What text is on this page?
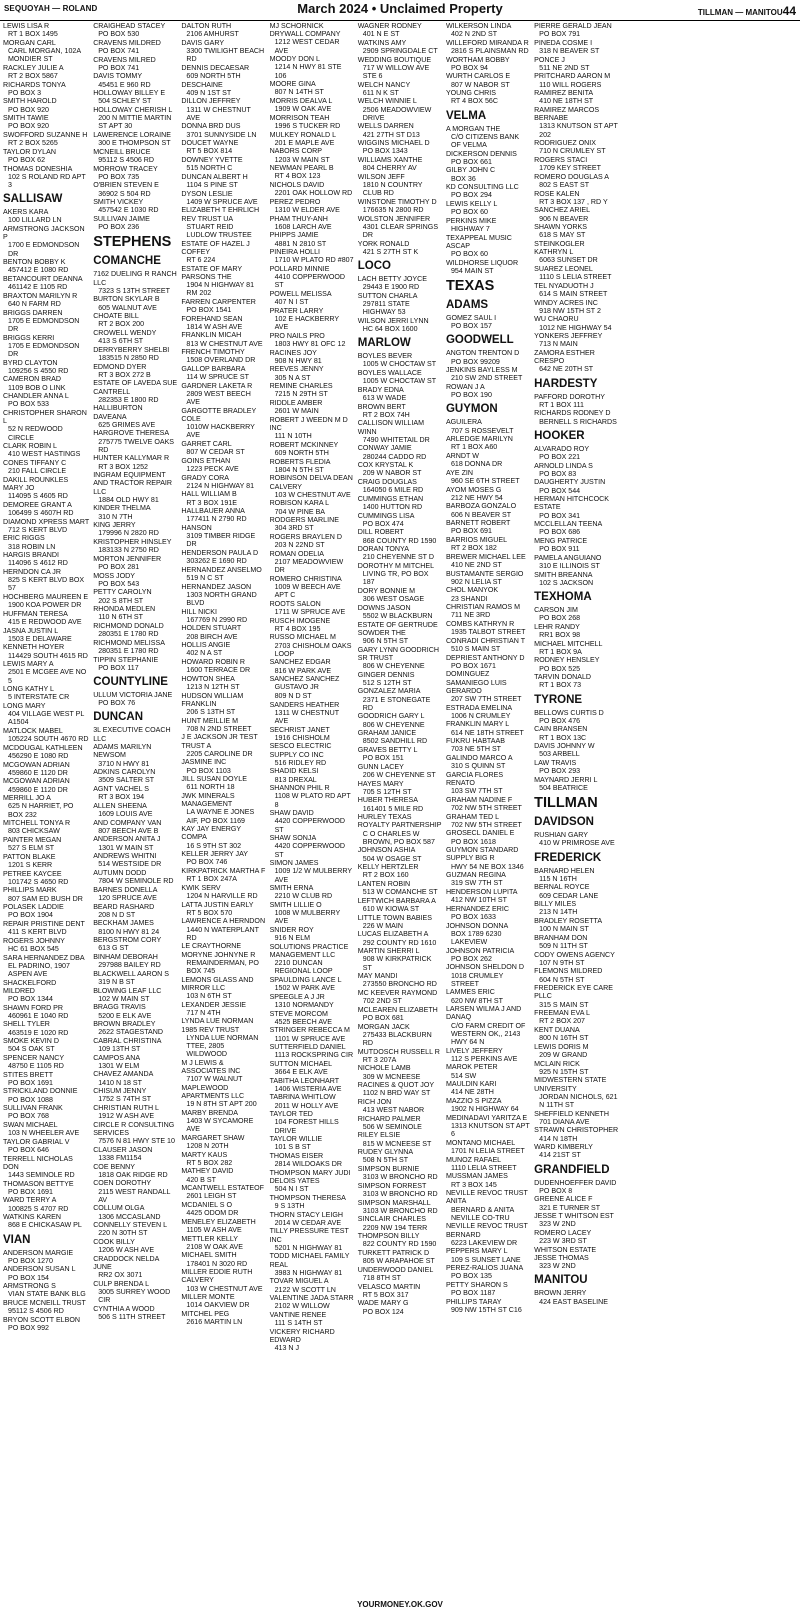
SEQUOYAH — ROLAND	March 2024 • Unclaimed Property	TILLMAN — MANITOU44
LEWIS LISA R
RT 1 BOX 1495
MORGAN CARL
CARL MORGAN, 102A MONDIER ST
RACKLEY JULIE A
RT 2 BOX 5867
RICHARDS TONYA
PO BOX 3
SMITH HAROLD
PO BOX 920
SMITH TAWIE
PO BOX 920
SWOFFORD SUZANNE H
RT 2 BOX 5265
TAYLOR DYLAN
PO BOX 62
THOMAS DONESHIA
102 S ROLAND RD APT 3
SALLISAW
AKERS KARA
100 LILLARD LN
ARMSTRONG JACKSON P
1700 E EDMONDSON DR
BENTON BOBBY K
457412 E 1080 RD
BETANCOURT DEANNA
461142 E 1105 RD
BRAXTON MARILYN R
640 N FARM RD
BRIGGS DARREN
1705 E EDMONDSON DR
BRIGGS KERRI
1705 E EDMONDSON DR
BYRD CLAYTON
109256 S 4550 RD
CAMERON BRAD
1109 BOB O LINK
CHANDLER ANNA L
PO BOX 533
CHRISTOPHER SHARON L
52 N REDWOOD CIRCLE
CLARK ROBIN L
410 WEST HASTINGS
CONES TIFFANY C
210 FALL CIRCLE
DAKILL ROUNKLES MARY JO
114095 S 4605 RD
DEMOREE GRANT A
106499 S 4607H RD
DIAMOND XPRESS MART
712 S KERT BLVD
ERIC RIGGS
318 ROBIN LN
HARGIS BRANDI
114096 S 4612 RD
HERNDON CA JR
825 S KERT BLVD BOX 57
HOCHBERG MAUREEN E
1900 KOA POWER DR
HUFFMAN TERESA
415 E REDWOOD AVE
JASNA JUSTIN L
1503 E DELAWARE
KENNETH HOYER
114429 SOUTH 4615 RD
LEWIS MARY A
2501 E MCGEE AVE NO 5
LONG KATHY L
5 INTERSTATE CR
LONG MARY
404 VILLAGE WEST PL A1504
MATLOCK MABEL
105224 SOUTH 4670 RD
MCDOUGAL KATHLEEN
456290 E 1080 RD
MCGOWAN ADRIAN
459860 E 1120 DR
MCGOWAN ADRIAN
459860 E 1120 DR
MERRILL JO A
625 N HARRIET, PO BOX 232
MITCHELL TONYA R
803 CHICKSAW
PAINTER MEGAN
527 S ELM ST
PATTON BLAKE
1201 S KERR
PETREE KAYCEE
101742 S 4650 RD
PHILLIPS MARK
807 SAM ED BUSH DR
POLASEK LADDIE
PO BOX 1904
REPAIR PRISTINE DENT
411 S KERT BLVD
ROGERS JOHNNY
HC 61 BOX 545
SARA HERNANDEZ DBA
EL PADRINO, 1907 ASPEN AVE
SHACKELFORD MILDRED
PO BOX 1344
SHAWN FORD PR
460961 E 1040 RD
SHELL TYLER
463519 E 1020 RD
SMOKE KEVIN D
504 S OAK ST
SPENCER NANCY
48750 E 1105 RD
STITES BRETT
PO BOX 1691
STRICKLAND DONNIE
PO BOX 1088
SULLIVAN FRANK
PO BOX 768
SWAN MICHAEL
103 N WHEELER AVE
TAYLOR GABRIAL V
PO BOX 646
TERRELL NICHOLAS DON
1443 SEMINOLE RD
THOMASON BETTYE
PO BOX 1691
WARD TERRY A
100825 S 4707 RD
WATKINS KAREN
868 E CHICKASAW PL
VIAN
ANDERSON MARGIE
PO BOX 1270
ANDERSON SUSAN L
PO BOX 154
ARMSTRONG S
VIAN STATE BANK BLG
BRUCE MCNEILL TRUST
95112 S 4506 RD
BRYON SCOTT ELBON
PO BOX 992
CRAIGHEAD STACEY
PO BOX 530
CRAVENS MILDRED
PO BOX 741
CRAVENS MILRED
PO BOX 741
DAVIS TOMMY
45451 E 960 RD
HOLLOWAY BILLEY E
504 SCHLEY ST
HOLLOWAY CHERISH L
200 N MITTIE MARTIN ST APT 30
LAWERENCE LORAINE
300 E THOMPSON ST
MCNEILL BRUCE
95112 S 4506 RD
MORROW TRACEY
PO BOX 735
O'BRIEN STEVEN E
36902 S 504 RD
SMITH VICKEY
457542 E 1030 RD
SULLIVAN JAIME
PO BOX 236
STEPHENS
COMANCHE
7162 DUELING R RANCH LLC
7323 S 13TH STREET
BURTON SKYLAR B
605 WALNUT AVE
CHOATE BILL
RT 2 BOX 200
CROWELL WENDY
413 S 6TH ST
DERRYBERRY SHELBI
183515 N 2850 RD
EDMOND DYER
RT 3 BOX 272 B
ESTATE OF LAVEDA SUE CANTRELL
282353 E 1800 RD
HALLIBURTON DAVEANA
625 GRIMES AVE
HARGROVE THERESA
275775 TWELVE OAKS RD
HUNTER KALLYMAR R
RT 3 BOX 1252
INGRAM EQUIPMENT AND TRACTOR REPAIR LLC
1884 OLD HWY 81
KINDER THELMA
310 N 7TH
KING JERRY
179996 N 2820 RD
KRISTOPHER HINSLEY
183133 N 2750 RD
MORTON JENNIFER
PO BOX 281
MOSS JODY
PO BOX 543
PETTY CAROLYN
202 S 8TH ST
RHONDA MEDLEN
110 N 6TH ST
RICHMOND DONALD
280351 E 1780 RD
RICHMOND MELISSA
280351 E 1780 RD
TIPPIN STEPHANIE
PO BOX 117
COUNTYLINE
ULLUM VICTORIA JANE
PO BOX 76
DUNCAN
3L EXECUTIVE COACH LLC
ADAMS MARILYN NEWSOM
3710 N HWY 81
ADKINS CAROLYN
3509 SALTER ST
AGNT VACHEL S
RT 3 BOX 194
ALLEN SHEENA
1609 LOUIS AVE
AND COMPANY VAN
807 BEECH AVE B
ANDERSON ANITA J
1301 W MAIN ST
ANDREWS WHITNI
514 WESTSIDE DR
AUTUMN DODD
7804 W SEMINOLE RD
BARNES DONELLA
120 SPRUCE AVE
BEARD RASHARD
208 N D ST
BECKHAM JAMES
8100 N HWY 81 24
BERGSTROM CORY
613 G ST
BINHAM DEBORAH
297988 BAILEY RD
BLACKWELL AARON S
319 N B ST
BLOWING LEAF LLC
102 W MAIN ST
BRAGG TRAVIS
5200 E ELK AVE
BROWN BRADLEY
2622 STAGESTAND
CABRAL CHRISTINA
109 13TH ST
CAMPOS ANA
1301 W ELM
CHAVEZ AMANDA
1410 N 18 ST
CHISUM JENNY
1752 S 74TH ST
CHRISTIAN RUTH L
1912 W ASH AVE
CIRCLE R CONSULTING SERVICES
7576 N 81 HWY STE 10
CLAUSER JASON
1338 FM1154
COE BENNY
1818 OAK RIDGE RD
COEN DOROTHY
2115 WEST RANDALL AV
COLLUM OLGA
1306 MCCASLAND
CONNELLY STEVEN L
220 N 30TH ST
COOK BILLY
1206 W ASH AVE
CRADDOCK NELDA JUNE
RR2 OX 3071
CULP BRENDA L
3005 SURREY WOOD CIR
CYNTHIA A WOOD
506 S 11TH STREET
DALTON RUTH
2106 AMHURST
DAVIS GARY
3300 TWILIGHT BEACH RD
DENNIS DECAESAR
609 NORTH 5TH
DESCHAINE
409 N 1ST ST
DILLON JEFFREY
1311 W CHESTNUT AVE
DONNA BRD DUS
3701 SUNNYSIDE LN
DOUCET WAYNE
RT 5 BOX 814
DOWNEY YVETTE
515 NORTH C
DUNCAN ALBERT H
1104 S PINE ST
DYSON LESLIE
1409 W SPRUCE AVE
ELIZABETH T EHRLICH REV TRUST UA
STUART REID LUDLOW TRUSTEE
ESTATE OF HAZEL J COFFEY
RT 6 224
ESTATE OF MARY PARSONS THE
1904 N HIGHWAY 81 RM 202
FARREN CARPENTER
PO BOX 1541
FOREHAND SEAN
1814 W ASH AVE
FRANKLIN MICAH
813 W CHESTNUT AVE
FRENCH TIMOTHY
1508 OVERLAND DR
GALLOP BARBARA
114 W SPRUCE ST
GARDNER LAKETA R
2809 WEST BEECH AVE
GARGOTTE BRADLEY COLE
1010W HACKBERRY AVE
GARRET CARL
807 W CEDAR ST
GOINS ETHAN
1223 PECK AVE
GRADY CORA
2124 N HIGHWAY 81
HALL WILLIAM B
RT 3 BOX 191E
HALLBAUER ANNA
177411 N 2790 RD
HANSON
3109 TIMBER RIDGE DR
HENDERSON PAULA D
303262 E 1690 RD
HERNANDEZ ANSELMO
519 N C ST
HERNANDEZ JASON
1303 NORTH GRAND BLVD
HILL NICKI
167769 N 2990 RD
HOLDEN STUART
208 BIRCH AVE
HOLLIS ANGIE
402 N A ST
HOWARD ROBIN R
1600 TERRACE DR
HOWTON SHEA
1213 N 12TH ST
HUDSON WILLIAM FRANKLIN
206 S 13TH ST
HUNT MEILLIE M
708 N 2ND STREET
J E JACKSON JR TEST TRUST A
2205 CAROLINE DR
JASMINE INC
PO BOX 1103
JILL SUSAN DOYLE
611 NORTH 18
JWK MINERALS MANAGEMENT
LA WAYNE E JONES AIF, PO BOX 1169
KAY JAY ENERGY COMPA
16 S 9TH ST 302
KELLER JERRY JAY
PO BOX 746
KIRKPATRICK MARTHA F
RT 1 BOX 247A
KWIK SERV
1204 N HARVILLE RD
LATTA JUSTIN EARLY
RT 5 BOX 570
LAWRENCE A HERNDON
1440 N WATERPLANT RD
LE CRAYTHORNE MORYNE JOHNYNE R
REMAINDERMAN, PO BOX 745
LEMONS GLASS AND MIRROR LLC
103 N 6TH ST
LEXANDER JESSIE
717 N 4TH
LYNDA LUE NORMAN 1985 REV TRUST
LYNDA LUE NORMAN TTEE, 2805 WILDWOOD
M J LEWIS & ASSOCIATES INC
7107 W WALNUT
MAPLEWOOD APARTMENTS LLC
19 N 8TH ST APT 200
MARBY BRENDA
1403 W SYCAMORE AVE
MARGARET SHAW
1208 N 20TH
MARTY KAUS
RT 5 BOX 282
MATHEY DAVID
420 B ST
MCANTWELL ESTATEOF
2601 LEIGH ST
MCDANIEL S O
4425 ODOM DR
MENELEY ELIZABETH
1105 W ASH AVE
METTLER KELLY
2108 W OAK AVE
MICHAEL SMITH
178401 N 3020 RD
MILLER EDDIE RUTH CALVERY
103 W CHESTNUT AVE
MILLER MONTE
1014 OAKVIEW DR
MITCHEL PEG
2616 MARTIN LN
MJ SCHORNICK DRYWALL COMPANY
1212 WEST CEDAR AVE
MOODY DON L
1214 N HWY 81 STE 106
MOORE GINA
807 N 14TH ST
MORRIS DEALVA L
1909 W OAK AVE
MORRISON TEAH
1996 S TUCKER RD
MULKEY RONALD L
201 E MAPLE AVE
NABORS CORP
1203 W MAIN ST
NEWMAN PEARL B
RT 4 BOX 123
NICHOLS DAVID
2201 OAK HOLLOW RD
PEREZ PEDRO
1310 W ELDER AVE
PHAM THUY-ANH
1608 LARCH AVE
PHIPPS JAMIE
4881 N 2810 ST
PINEIRA HOLLI
1710 W PLATO RD #807
POLLARD MINNIE
4410 COPPERWOOD ST
POWELL MELISSA
407 N I ST
PRATER LARRY
102 E HACKBERRY AVE
PRO NAILS PRO
1803 HWY 81 OFC 12
RACINES JOY
908 N HWY 81
REEVES JENNY
305 N A ST
REMINE CHARLES
7215 N 29TH ST
RIDDLE AMBER
2601 W MAIN
ROBERT J WEEDN M D INC
111 N 10TH
ROBERT MCKINNEY
609 NORTH 5TH
ROBERTS FLEDIA
1804 N 5TH ST
ROBINSON DELVA DEAN CALVERY
103 W CHESTNUT AVE
ROBISON KARA L
704 W PINE BA
RODGERS MARLINE
304 3RD ST
ROGERS BRAYLEN D
203 N 22ND ST
ROMAN ODELIA
2107 MEADOWVIEW DR
ROMERO CHRISTINA
1009 W BEECH AVE APT C
ROOTS SALON
1711 W SPRUCE AVE
RUSCH IMOGENE
RT 4 BOX 195
RUSSO MICHAEL M
2703 CHISHOLM OAKS LOOP
SANCHEZ EDGAR
816 W PARK AVE
SANCHEZ SANCHEZ
GUSTAVO JR
809 N D ST
SANDERS HEATHER
1311 W CHESTNUT AVE
SECHRIST JANET
1916 CHISHOLM
SESCO ELECTRIC SUPPLY CO INC
516 RIDLEY RD
SHADID KELSI
813 DREXAL
SHANNON PHIL R
1108 W PLATO RD APT 8
SHAW DAVID
4420 COPPERWOOD ST
SHAW SONJA
4420 COPPERWOOD ST
SIMON JAMES
1009 1/2 W MULBERRY AVE
SMITH ERNA
2210 W CLUB RD
SMITH LILLIE O
1008 W MULBERRY AVE
SNIDER ROY
916 N ELM
SOLUTIONS PRACTICE MANAGEMENT LLC
2210 DUNCAN REGIONAL LOOP
SPAULDING LANCE L
1502 W PARK AVE
SPEEGLE A J JR
1310 NORMANDY
STEVE MORCOM
4525 BEECH AVE
STRINGER REBECCA M
1101 W SPRUCE AVE
SUTTERFIELD DANIEL
1113 ROCKSPRING CIR
SUTTON MICHAEL
3664 E ELK AVE
TABITHA LEONHART
1406 WISTERIA AVE
TABRINA WHITLOW
2011 W HOLLY AVE
TAYLOR TED
104 FOREST HILLS DRIVE
TAYLOR WILLIE
101 S B ST
THOMAS EISER
2814 WILDOAKS DR
THOMPSON MARY JUDI DELOIS YATES
504 N I ST
THOMPSON THERESA
9 S 13TH
THORN STACY LEIGH
2014 W CEDAR AVE
TILLY PRESSURE TEST INC
5201 N HIGHWAY 81
TODD MICHAEL FAMILY REAL
3983 N HIGHWAY 81
TOVAR MIGUEL A
2122 W SCOTT LN
VALENTINE JADA STARR
2102 W WILLOW
VANTINE RENEE
111 S 14TH ST
VICKERY RICHARD EDWARD
413 N J
WAGNER RODNEY
401 N E ST
WATKINS AMY
2909 SPRINGDALE CT
WEDDING BOUTIQUE
717 W WILLOW AVE STE 6
WELCH NANCY
611 N K ST
WELCH WINNIE L
2506 MEADOWVIEW DRIVE
WELLS DARREN
421 27TH ST D13
WIGGINS MICHAEL D
PO BOX 1343
WILLIAMS XANTHE
804 CHERRY AV
WILSON JEFF
1810 N COUNTRY CLUB RD
WINSTONE TIMOTHY D
176635 N 2800 RD
WOLSTON JENNIFER
4301 CLEAR SPRINGS DR
YORK RONALD
421 S 27TH ST K
LOCO
LACH BETTY JOYCE
29443 E 1900 RD
SUTTON CHARLA
297811 STATE HIGHWAY 53
WILSON JERRI LYNN
HC 64 BOX 1600
MARLOW
BOYLES BEVER
1005 W CHOCTAW ST
BOYLES WALLACE
1005 W CHOCTAW ST
BRADY EDNA
613 W WADE
BROWN BERT
RT 2 BOX 74H
CALLISON WILLIAM WINN
7490 WHITETAIL DR
CONWAY JAMIE
280244 CADDO RD
COX KRYSTAL K
209 W NABOR ST
CRAIG DOUGLAS
164050 6 MILE RD
CUMMINGS ETHAN
1400 HUTTON RD
CUMMINGS LISA
PO BOX 474
DILL ROBERT
868 COUNTY RD 1590
DORAN TONYA
210 CHEYENNE ST D
DOROTHY M MITCHEL
LIVING TR, PO BOX 187
DORY BONNIE M
306 WEST OSAGE
DOWNS JASON
5502 W BLACKBURN
ESTATE OF GERTRUDE SOWDER THE
906 N 5TH ST
GARY LYNN GOODRICH SR TRUST
806 W CHEYENNE
GINGER DENNIS
512 S 12TH ST
GONZALEZ MARIA
2371 E STONEGATE RD
GOODRICH GARY L
806 W CHEYENNE
GRAHAM JANICE
8502 SANDHILL RD
GRAVES BETTY L
PO BOX 151
GUNN LACEY
206 W CHEYENNE ST
HAYES MARY
705 S 12TH ST
HUBER THERESA
161401 5 MILE RD
HURLEY TEXAS ROYALTY PARTNERSHIP
C O CHARLES W BROWN, PO BOX 587
JOHNSON ASHIA
504 W OSAGE ST
KELLY HERTZLER
RT 2 BOX 160
LANTEN ROBIN
513 W COMANCHE ST
LEFTWICH BARBARA A
610 W KIOWA ST
LITTLE TOWN BABIES
226 W MAIN
LUCAS ELIZABETH A
292 COUNTY RD 1610
MARTIN SHERRI L
908 W KIRKPATRICK ST
MAY MANDI
273550 BRONCHO RD
MC KEEVER RAYMOND
702 2ND ST
MCLEAREN ELIZABETH
PO BOX 681
MORGAN JACK
275433 BLACKBURN RD
MUTDOSCH RUSSELL R
RT 3 207A
NICHOLE LAMB
309 W MCNEESE
RACINES & QUOT JOY
1102 N BRD WAY ST
RICH JON
413 WEST NABOR
RICHARD PALMER
506 W SEMINOLE
RILEY ELSIE
815 W MCNEESE ST
RUDEY GLYNNA
508 N 5TH ST
SIMPSON BURNIE
3103 W BRONCHO RD
SIMPSON FORREST
3103 W BRONCHO RD
SIMPSON MARSHALL
3103 W BRONCHO RD
SINCLAIR CHARLES
2209 NW 194 TERR
THOMPSON BILLY
822 COUNTY RD 1590
TURKETT PATRICK D
805 W ARAPAHOE ST
UNDERWOOD DANIEL
718 8TH ST
VELASCO MARTIN
RT 5 BOX 317
WADE MARY G
PO BOX 124
WILKERSON LINDA
402 N 2ND ST
WILLEFORD MIRANDA R
2816 S PLAINSMAN RD
WORTHAM BOBBY
PO BOX 94
WURTH CARLOS E
807 W NABOR ST
YOUNG CHRIS
RT 4 BOX 56C
VELMA
A MORGAN THE
C/O CITIZENS BANK OF VELMA
DICKERSON DENNIS
PO BOX 661
GILBY JOHN C
BOX 36
KD CONSULTING LLC
PO BOX 294
LEWIS KELLY L
PO BOX 60
PERKINS MIKE
HIGHWAY 7
TEXAPPEAL MUSIC ASCAP
PO BOX 60
WILDHORSE LIQUOR
954 MAIN ST
TEXAS
ADAMS
GOMEZ SAUL I
PO BOX 157
GOODWELL
ANGTON TRENTON D
PO BOX 99209
JENKINS BAYLESS M
210 SW 2ND STREET
ROWAN J A
PO BOX 190
GUYMON
AGUILERA
707 S ROSSEVELT
ARLEDGE MARILYN
RT 1 BOX A60
ARNDT W
618 DONNA DR
AYE ZIN
960 SE 6TH STREET
AYOM MOSES G
212 NE HWY 54
BARBOZA GONZALO
606 N BEAVER ST
BARNETT ROBERT
PO BOX 691
BARRIOS MIGUEL
RT 2 BOX 182
BREWER MICHAEL LEE
410 NE 2ND ST
BUSTAMANTE SERGIO
902 N LELIA ST
CHOL MANYOK
23 SHANDI
CHRISTIAN RAMOS M
711 NE 3RD
COMBS KATHRYN R
1935 TALBOT STREET
CONRADI CHRISTIAN T
510 S MAIN ST
DEPRIEST ANTHONY D
PO BOX 1671
DOMINGUEZ SAMANIEGO LUIS GERARDO
207 SW 7TH STREET
ESTRADA EMELINA
1006 N CRUMLEY
FRANKLIN MARY L
614 NE 18TH STREET
FUKRU HABTAAB
703 NE 5TH ST
GALINDO MARCO A
310 S QUINN ST
GARCIA FLORES RENATO
103 SW 7TH ST
GRAHAM NADINE F
702 NW 5TH STREET
GRAHAM TED L
702 NW 5TH STREET
GROSECL DANIEL E
PO BOX 1618
GUYMON STANDARD SUPPLY BIG R
HWY 54 NE BOX 1346
GUZMAN REGINA
319 SW 7TH ST
HENDERSON LUPITA
412 NW 10TH ST
HERNANDEZ ERIC
PO BOX 1633
JOHNSON DONNA
BOX 1789 6230 LAKEVIEW
JOHNSON PATRICIA
PO BOX 262
JOHNSON SHELDON D
1018 CRUMLEY STREET
LAMMES ERIC
620 NW 8TH ST
LARSEN WILMA J AND DANAQ
C/O FARM CREDIT OF WESTERN OK,, 2143 HWY 64 N
LIVELY JEFFERY
112 S PERKINS AVE
MAROK PETER
514 SW
MAULDIN KARI
414 NE 28TH
MAZZIO S PIZZA
1902 N HIGHWAY 64
MEDINADAVI YARITZA E
1313 KNUTSON ST APT 6
MONTANO MICHAEL
1701 N LELIA STREET
MUNOZ RAFAEL
1110 LELIA STREET
MUSSMAN JAMES
RT 3 BOX 145
NEVILLE REVOC TRUST ANITA
BERNARD & ANITA NEVILLE CO-TRU
NEVILLE REVOC TRUST BERNARD
6223 LAKEVIEW DR
PEPPERS MARY L
109 S SUNSET LANE
PEREZ-RALIOS JUANA
PO BOX 135
PETTY SHARON S
PO BOX 1187
PHILLIPS TARAY
909 NW 15TH ST C16
PIERRE GERALD JEAN
PO BOX 791
PINEDA COSME I
318 N BEAVER ST
PONCE J
511 NE 2ND ST
PRITCHARD AARON M
110 WILL ROGERS
RAMIREZ BENITA
410 NE 18TH ST
RAMIREZ MARCOS BERNABE
1313 KNUTSON ST APT 202
RODRIGUEZ ONIX
710 N CRUMLEY ST
ROGERS STACI
1709 KEY STREET
ROMERO DOUGLAS A
802 S EAST ST
ROSE KALEN
RT 3 BOX 137 , RD Y
SANCHEZ ARIEL
906 N BEAVER
SHAWN YORKS
618 S MAY ST
STEINKOGLER KATHRYN L
6063 SUNSET DR
SUAREZ LEONEL
1110 S LELIA STREET
TEL NYADUOTH J
614 S MAIN STREET
WINDY ACRES INC
918 NW 15TH ST 2
WU CHAORU
1012 NE HIGHWAY 54
YONKERS JEFFREY
713 N MAIN
ZAMORA ESTHER CRESPO
642 NE 20TH ST
HARDESTY
PAFFORD DOROTHY
RT 1 BOX 111
RICHARDS RODNEY D
BERNELL S RICHARDS
HOOKER
ALVARADO ROY
PO BOX 221
ARNOLD LINDA S
PO BOX 83
DAUGHERTY JUSTIN
PO BOX 544
HERMAN HITCHCOCK ESTATE
PO BOX 341
MCCLELLAN TEENA
PO BOX 686
MENG PATRICE
PO BOX 911
PAMELA ANGUIANO
310 E ILLINOIS ST
SMITH BREANNA
102 S JACKSON
TEXHOMA
CARSON JIM
PO BOX 268
LEHR RANDY
RR1 BOX 98
MICHAEL MITCHELL
RT 1 BOX 9A
RODNEY HENSLEY
PO BOX 525
TARVIN DONALD
RT 1 BOX 73
TYRONE
BELLOWS CURTIS D
PO BOX 476
CAIN BRANSEN
RT 1 BOX 13C
DAVIS JOHNNY W
503 ARBELL
LAW TRAVIS
PO BOX 293
MAYNARD JERRI L
504 BEATRICE
TILLMAN
DAVIDSON
RUSHIAN GARY
410 W PRIMROSE AVE
FREDERICK
BARNARD HELEN
115 N 16TH
BERNAL ROYCE
609 CEDAR LANE
BILLY MILES
213 N 14TH
BRADLEY ROSETTA
100 N MAIN ST
BRANHAM DON
509 N 11TH ST
CODY OWENS AGENCY
107 N 9TH ST
FLEMONS MILDRED
604 N 5TH ST
FREDERICK EYE CARE PLLC
315 S MAIN ST
FREEMAN EVA L
RT 2 BOX 207
KENT DUANA
800 N 16TH ST
LEWIS DORIS M
209 W GRAND
MCLAIN RICK
925 N 15TH ST
MIDWESTERN STATE UNIVERSITY
JORDAN NICHOLS, 621 N 11TH ST
SHEFFIELD KENNETH
701 DIANA AVE
STRAWN CHRISTOPHER
414 N 18TH
WARD KIMBERLY
414 21ST ST
GRANDFIELD
DUDENHOEFFER DAVID
PO BOX 8
GREENE ALICE F
321 E TURNER ST
JESSE T WHITSON EST
323 W 2ND
ROMERO LACEY
223 W 3RD ST
WHITSON ESTATE JESSE THOMAS
323 W 2ND
MANITOU
BROWN JERRY
424 EAST BASELINE
YOURMONEY.OK.GOV
